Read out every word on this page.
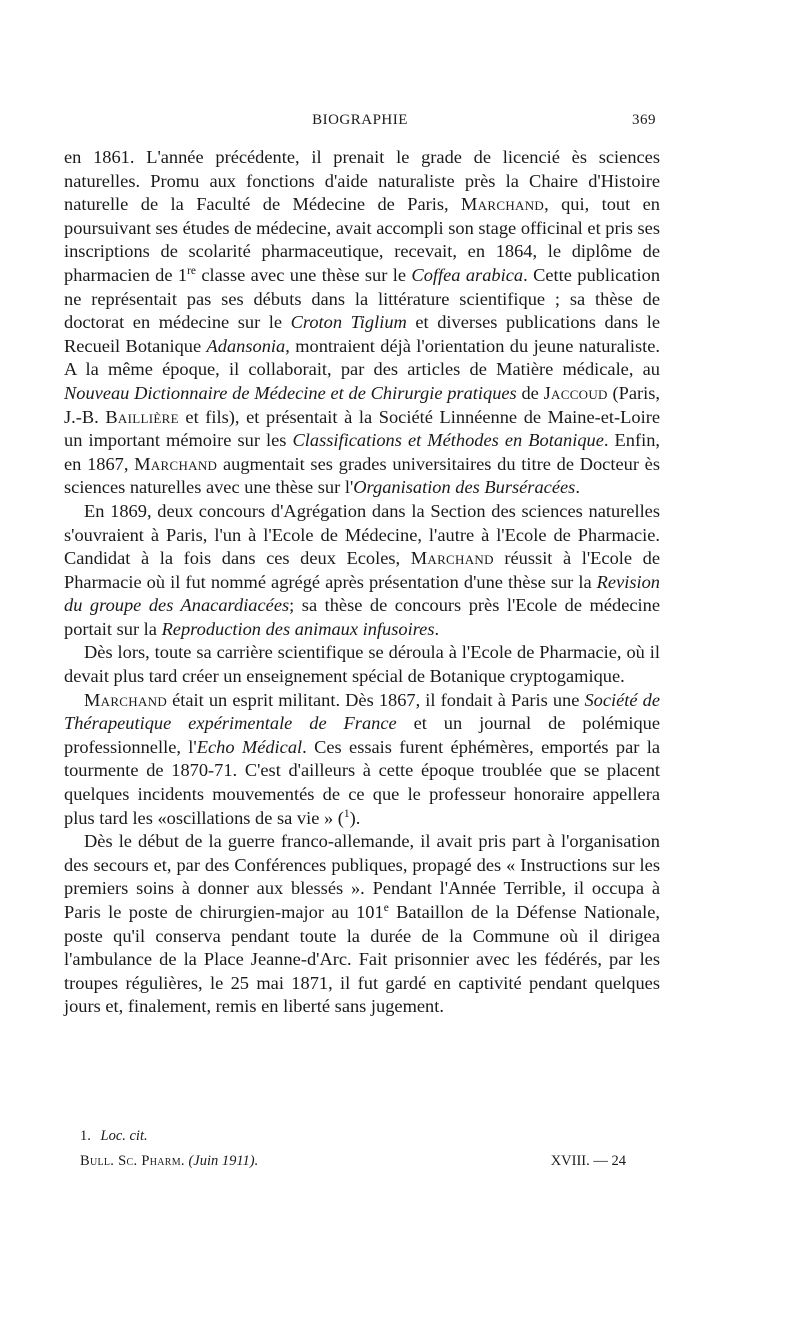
BIOGRAPHIE	369

en 1861. L'année précédente, il prenait le grade de licencié ès sciences naturelles. Promu aux fonctions d'aide naturaliste près la Chaire d'Histoire naturelle de la Faculté de Médecine de Paris, Marchand, qui, tout en poursuivant ses études de médecine, avait accompli son stage officinal et pris ses inscriptions de scolarité pharmaceutique, recevait, en 1864, le diplôme de pharmacien de 1re classe avec une thèse sur le Coffea arabica. Cette publication ne représentait pas ses débuts dans la littérature scientifique ; sa thèse de doctorat en médecine sur le Croton Tiglium et diverses publications dans le Recueil Botanique Adansonia, montraient déjà l'orientation du jeune naturaliste. A la même époque, il collaborait, par des articles de Matière médicale, au Nouveau Dictionnaire de Médecine et de Chirurgie pratiques de Jaccoud (Paris, J.-B. Baillière et fils), et présentait à la Société Linnéenne de Maine-et-Loire un important mémoire sur les Classifications et Méthodes en Botanique. Enfin, en 1867, Marchand augmentait ses grades universitaires du titre de Docteur ès sciences naturelles avec une thèse sur l'Organisation des Burséracées.

En 1869, deux concours d'Agrégation dans la Section des sciences naturelles s'ouvraient à Paris, l'un à l'Ecole de Médecine, l'autre à l'Ecole de Pharmacie. Candidat à la fois dans ces deux Ecoles, Marchand réussit à l'Ecole de Pharmacie où il fut nommé agrégé après présentation d'une thèse sur la Revision du groupe des Anacardiacées; sa thèse de concours près l'Ecole de médecine portait sur la Reproduction des animaux infusoires.

Dès lors, toute sa carrière scientifique se déroula à l'Ecole de Pharmacie, où il devait plus tard créer un enseignement spécial de Botanique cryptogamique.

Marchand était un esprit militant. Dès 1867, il fondait à Paris une Société de Thérapeutique expérimentale de France et un journal de polémique professionnelle, l'Echo Médical. Ces essais furent éphémères, emportés par la tourmente de 1870-71. C'est d'ailleurs à cette époque troublée que se placent quelques incidents mouvementés de ce que le professeur honoraire appellera plus tard les «oscillations de sa vie » ($^1$).

Dès le début de la guerre franco-allemande, il avait pris part à l'organisation des secours et, par des Conférences publiques, propagé des « Instructions sur les premiers soins à donner aux blessés ». Pendant l'Année Terrible, il occupa à Paris le poste de chirurgien-major au 101e Bataillon de la Défense Nationale, poste qu'il conserva pendant toute la durée de la Commune où il dirigea l'ambulance de la Place Jeanne-d'Arc. Fait prisonnier avec les fédérés, par les troupes régulières, le 25 mai 1871, il fut gardé en captivité pendant quelques jours et, finalement, remis en liberté sans jugement.

1. Loc. cit.
Bull. Sc. Pharm. (Juin 1911).	XVIII. — 24
